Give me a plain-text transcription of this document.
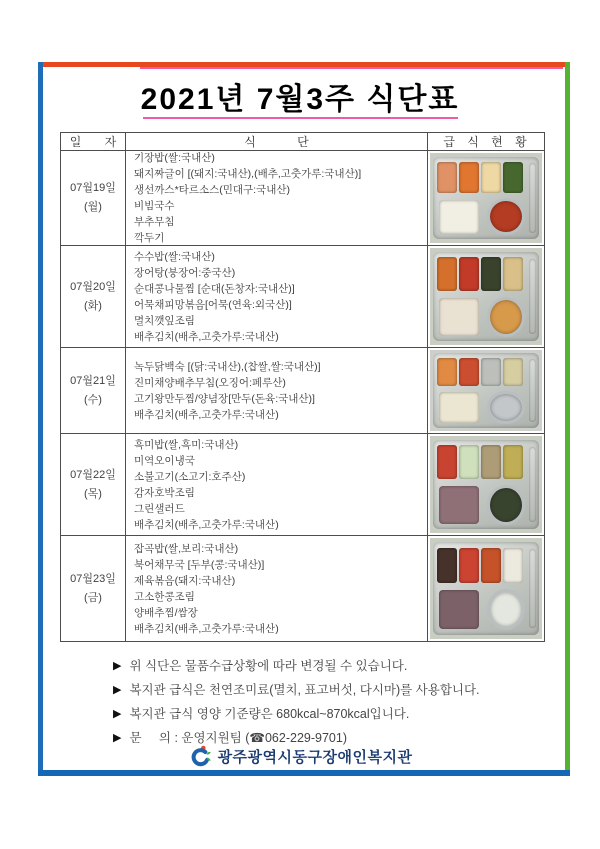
2021년 7월3주 식단표
일 자	식 단	급 식 현 황
07월19일
(월)
기장밥(쌀:국내산)
돼지짜글이 [(돼지:국내산),(배추,고춧가루:국내산)]
생선까스*타르소스(민대구:국내산)
비빔국수
부추무침
깍두기
07월20일
(화)
수수밥(쌀:국내산)
장어탕(붕장어:중국산)
순대콩나물찜 [순대(돈창자:국내산)]
어묵채피망볶음[어묵(연육:외국산)]
멸치깻잎조림
배추김치(배추,고춧가루:국내산)
07월21일
(수)
녹두닭백숙 [(닭:국내산),(찹쌀,쌀:국내산)]
진미채양배추무침(오징어:페루산)
고기왕만두찜/양념장[만두(돈육:국내산)]
배추김치(배추,고춧가루:국내산)
07월22일
(목)
흑미밥(쌀,흑미:국내산)
미역오이냉국
소불고기(소고기:호주산)
감자호박조림
그린샐러드
배추김치(배추,고춧가루:국내산)
07월23일
(금)
잡곡밥(쌀,보리:국내산)
북어채무국 [두부(콩:국내산)]
제육볶음(돼지:국내산)
고소한콩조림
양배추찜/쌈장
배추김치(배추,고춧가루:국내산)
▶ 위 식단은 물품수급상황에 따라 변경될 수 있습니다.
▶ 복지관 급식은 천연조미료(멸치, 표고버섯, 다시마)를 사용합니다.
▶ 복지관 급식 영양 기준량은 680kcal~870kcal입니다.
▶ 문     의 : 운영지원팀 (☎062-229-9701)
광주광역시동구장애인복지관
